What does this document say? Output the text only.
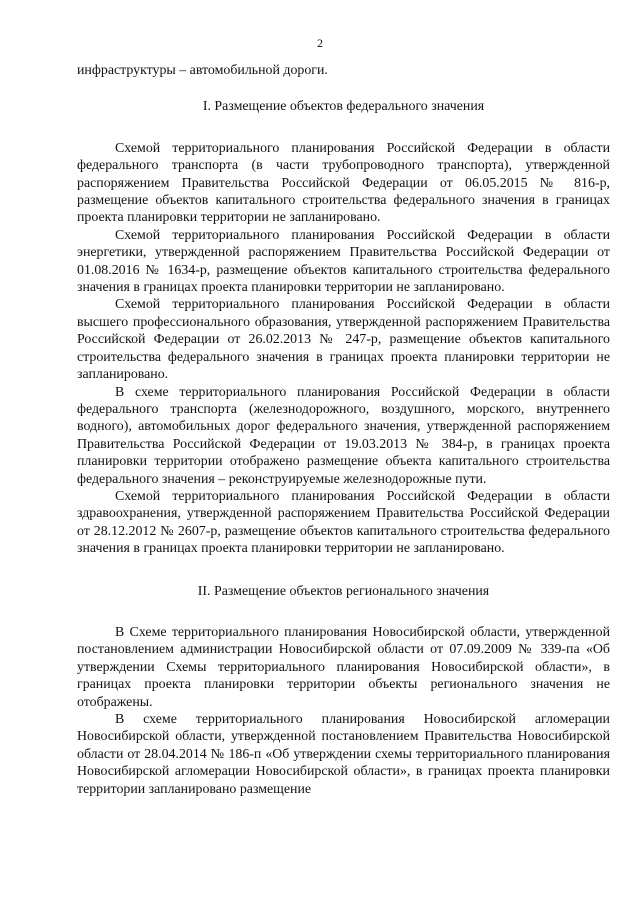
2

инфраструктуры – автомобильной дороги.

I. Размещение объектов федерального значения

Схемой территориального планирования Российской Федерации в области федерального транспорта (в части трубопроводного транспорта), утвержденной распоряжением Правительства Российской Федерации от 06.05.2015 № 816-р, размещение объектов капитального строительства федерального значения в границах проекта планировки территории не запланировано.

Схемой территориального планирования Российской Федерации в области энергетики, утвержденной распоряжением Правительства Российской Федерации от 01.08.2016 № 1634-р, размещение объектов капитального строительства федерального значения в границах проекта планировки территории не запланировано.

Схемой территориального планирования Российской Федерации в области высшего профессионального образования, утвержденной распоряжением Правительства Российской Федерации от 26.02.2013 № 247-р, размещение объектов капитального строительства федерального значения в границах проекта планировки территории не запланировано.

В схеме территориального планирования Российской Федерации в области федерального транспорта (железнодорожного, воздушного, морского, внутреннего водного), автомобильных дорог федерального значения, утвержденной распоряжением Правительства Российской Федерации от 19.03.2013 № 384-р, в границах проекта планировки территории отображено размещение объекта капитального строительства федерального значения – реконструируемые железнодорожные пути.

Схемой территориального планирования Российской Федерации в области здравоохранения, утвержденной распоряжением Правительства Российской Федерации от 28.12.2012 № 2607-р, размещение объектов капитального строительства федерального значения в границах проекта планировки территории не запланировано.

II. Размещение объектов регионального значения

В Схеме территориального планирования Новосибирской области, утвержденной постановлением администрации Новосибирской области от 07.09.2009 № 339-па «Об утверждении Схемы территориального планирования Новосибирской области», в границах проекта планировки территории объекты регионального значения не отображены.

В схеме территориального планирования Новосибирской агломерации Новосибирской области, утвержденной постановлением Правительства Новосибирской области от 28.04.2014 № 186-п «Об утверждении схемы территориального планирования Новосибирской агломерации Новосибирской области», в границах проекта планировки территории запланировано размещение
